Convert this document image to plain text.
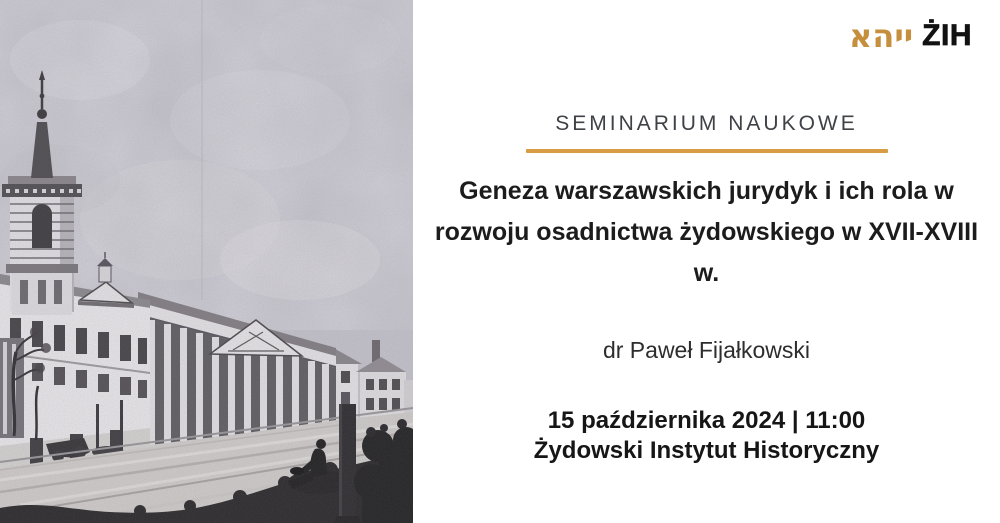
ייהא ŻIH
SEMINARIUM NAUKOWE
Geneza warszawskich jurydyk i ich rola w rozwoju osadnictwa żydowskiego w XVII-XVIII w.
dr Paweł Fijałkowski
15 października 2024 | 11:00
Żydowski Instytut Historyczny
